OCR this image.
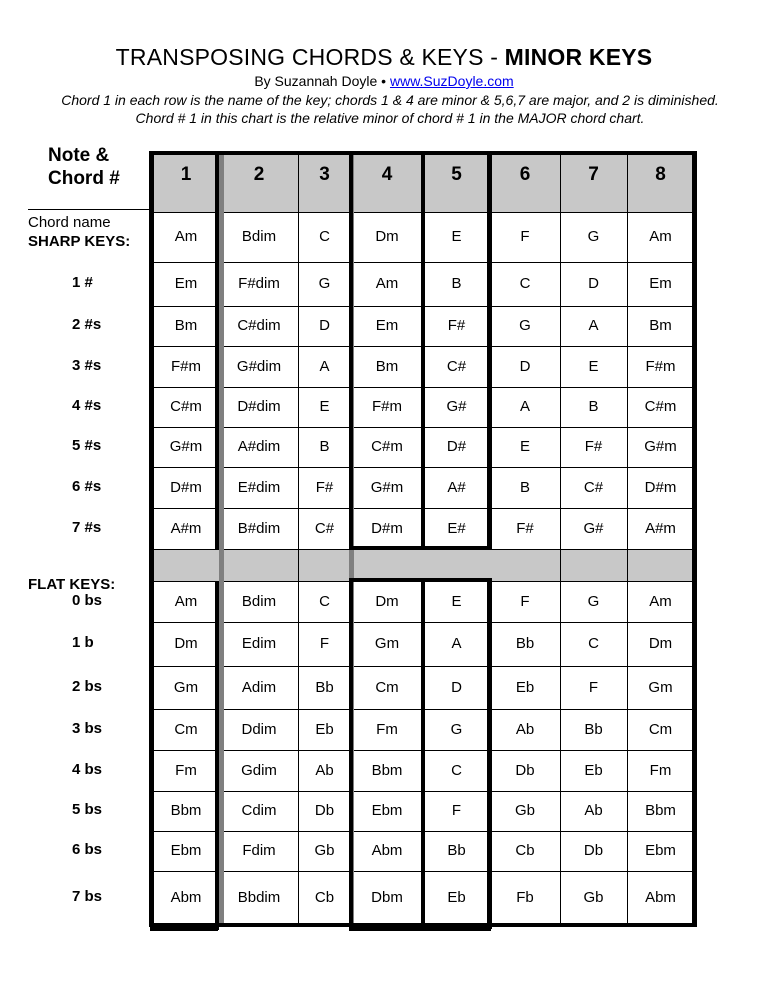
TRANSPOSING CHORDS & KEYS - MINOR KEYS
By Suzannah Doyle • www.SuzDoyle.com
Chord 1 in each row is the name of the key; chords 1 & 4 are minor & 5,6,7 are major, and 2 is diminished. Chord # 1 in this chart is the relative minor of chord # 1 in the MAJOR chord chart.
Note &
Chord #
Chord name
SHARP KEYS:
FLAT KEYS:
1	2	3	4	5	6	7	8
Am	Bdim	C	Dm	E	F	G	Am
1 #	Em	F#dim	G	Am	B	C	D	Em
2 #s	Bm	C#dim	D	Em	F#	G	A	Bm
3 #s	F#m	G#dim	A	Bm	C#	D	E	F#m
4 #s	C#m	D#dim	E	F#m	G#	A	B	C#m
5 #s	G#m	A#dim	B	C#m	D#	E	F#	G#m
6 #s	D#m	E#dim	F#	G#m	A#	B	C#	D#m
7 #s	A#m	B#dim	C#	D#m	E#	F#	G#	A#m
0 bs	Am	Bdim	C	Dm	E	F	G	Am
1 b	Dm	Edim	F	Gm	A	Bb	C	Dm
2 bs	Gm	Adim	Bb	Cm	D	Eb	F	Gm
3 bs	Cm	Ddim	Eb	Fm	G	Ab	Bb	Cm
4 bs	Fm	Gdim	Ab	Bbm	C	Db	Eb	Fm
5 bs	Bbm	Cdim	Db	Ebm	F	Gb	Ab	Bbm
6 bs	Ebm	Fdim	Gb	Abm	Bb	Cb	Db	Ebm
7 bs	Abm	Bbdim	Cb	Dbm	Eb	Fb	Gb	Abm
